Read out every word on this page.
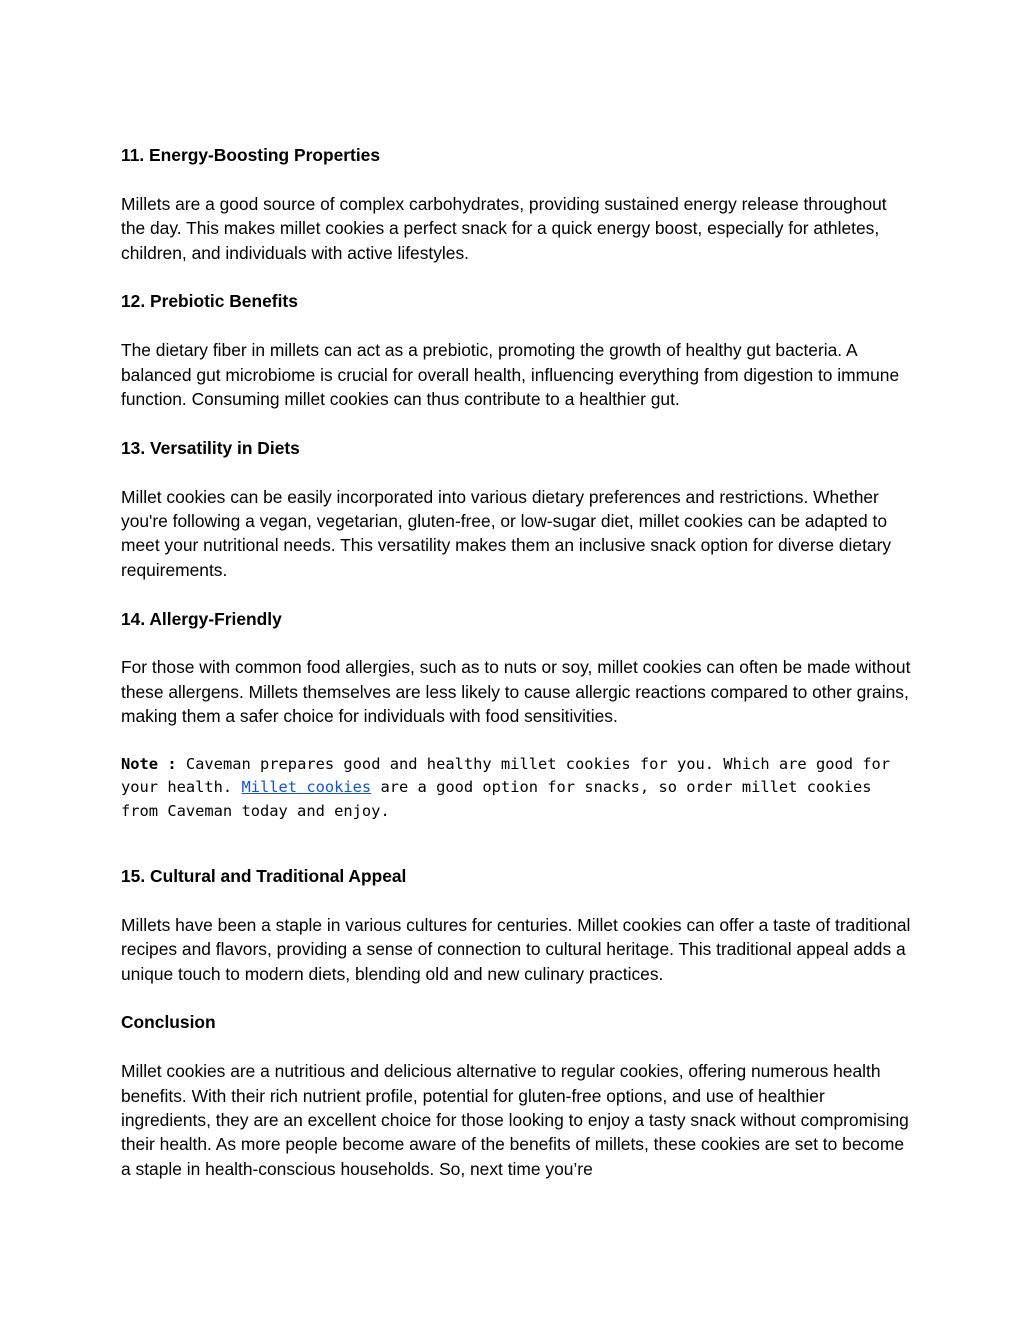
11. Energy-Boosting Properties
Millets are a good source of complex carbohydrates, providing sustained energy release throughout the day. This makes millet cookies a perfect snack for a quick energy boost, especially for athletes, children, and individuals with active lifestyles.
12. Prebiotic Benefits
The dietary fiber in millets can act as a prebiotic, promoting the growth of healthy gut bacteria. A balanced gut microbiome is crucial for overall health, influencing everything from digestion to immune function. Consuming millet cookies can thus contribute to a healthier gut.
13. Versatility in Diets
Millet cookies can be easily incorporated into various dietary preferences and restrictions. Whether you're following a vegan, vegetarian, gluten-free, or low-sugar diet, millet cookies can be adapted to meet your nutritional needs. This versatility makes them an inclusive snack option for diverse dietary requirements.
14. Allergy-Friendly
For those with common food allergies, such as to nuts or soy, millet cookies can often be made without these allergens. Millets themselves are less likely to cause allergic reactions compared to other grains, making them a safer choice for individuals with food sensitivities.
Note : Caveman prepares good and healthy millet cookies for you. Which are good for your health. Millet cookies are a good option for snacks, so order millet cookies from Caveman today and enjoy.
15. Cultural and Traditional Appeal
Millets have been a staple in various cultures for centuries. Millet cookies can offer a taste of traditional recipes and flavors, providing a sense of connection to cultural heritage. This traditional appeal adds a unique touch to modern diets, blending old and new culinary practices.
Conclusion
Millet cookies are a nutritious and delicious alternative to regular cookies, offering numerous health benefits. With their rich nutrient profile, potential for gluten-free options, and use of healthier ingredients, they are an excellent choice for those looking to enjoy a tasty snack without compromising their health. As more people become aware of the benefits of millets, these cookies are set to become a staple in health-conscious households. So, next time you’re
